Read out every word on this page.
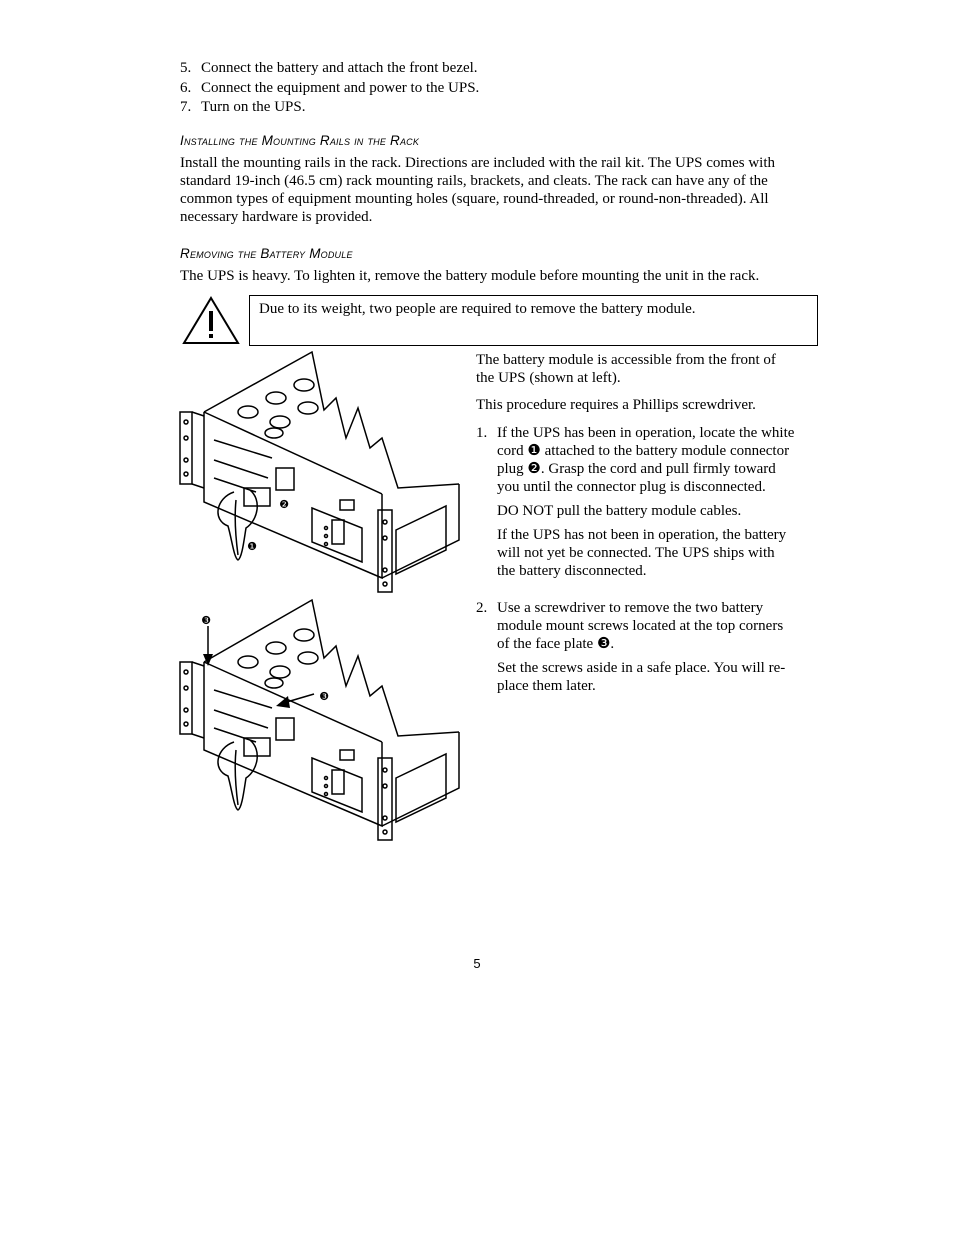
5. Connect the battery and attach the front bezel.
6. Connect the equipment and power to the UPS.
7. Turn on the UPS.
Installing the Mounting Rails in the Rack
Install the mounting rails in the rack. Directions are included with the rail kit. The UPS comes with
standard 19-inch (46.5 cm) rack mounting rails, brackets, and cleats. The rack can have any of the
common types of equipment mounting holes (square, round-threaded, or round-non-threaded). All
necessary hardware is provided.
Removing the Battery Module
The UPS is heavy. To lighten it, remove the battery module before mounting the unit in the rack.
Due to its weight, two people are required to remove the battery module.
The battery module is accessible from the front of
the UPS (shown at left).
This procedure requires a Phillips screwdriver.
1. If the UPS has been in operation, locate the white
cord ❶ attached to the battery module connector
plug ❷. Grasp the cord and pull firmly toward
you until the connector plug is disconnected.

DO NOT pull the battery module cables.

If the UPS has not been in operation, the battery
will not yet be connected. The UPS ships with
the battery disconnected.

2. Use a screwdriver to remove the two battery
module mount screws located at the top corners
of the face plate ❸.

Set the screws aside in a safe place. You will re-
place them later.

❷
❶
❸
❸
5
